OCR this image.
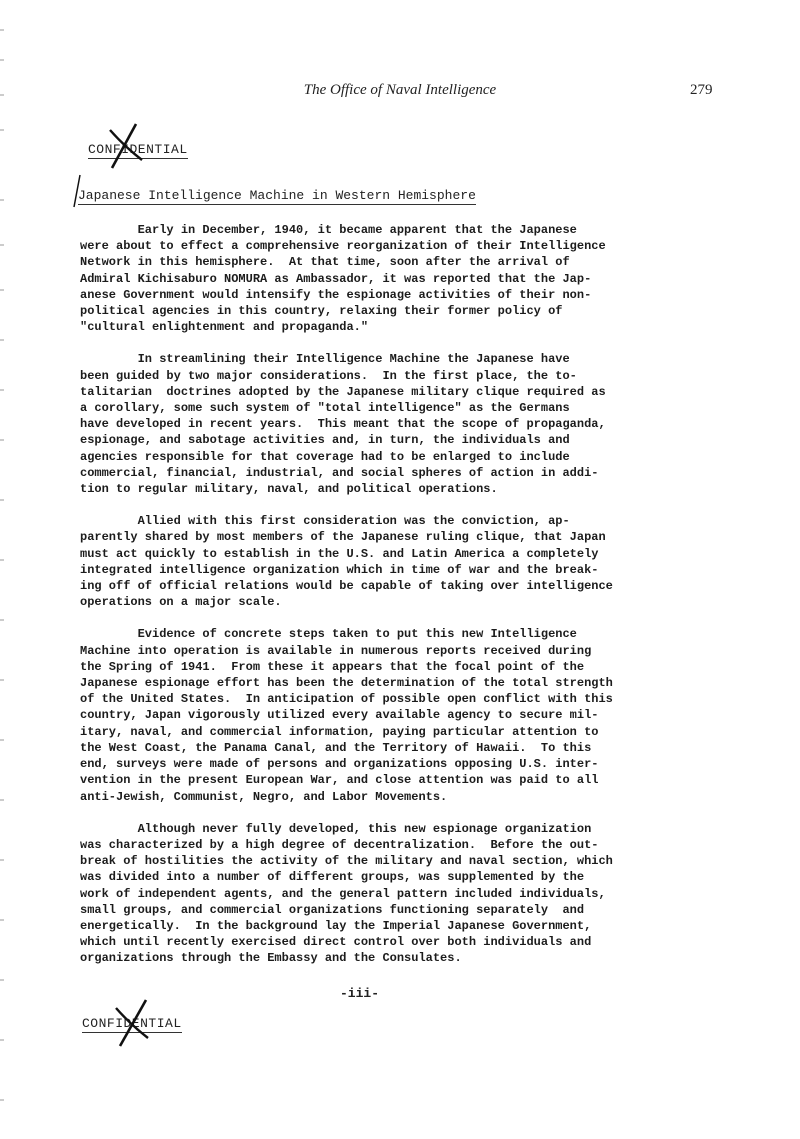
The Office of Naval Intelligence	279
CONFIDENTIAL
Japanese Intelligence Machine in Western Hemisphere

Early in December, 1940, it became apparent that the Japanese
were about to effect a comprehensive reorganization of their Intelligence
Network in this hemisphere.  At that time, soon after the arrival of
Admiral Kichisaburo NOMURA as Ambassador, it was reported that the Jap-
anese Government would intensify the espionage activities of their non-
political agencies in this country, relaxing their former policy of
"cultural enlightenment and propaganda."

In streamlining their Intelligence Machine the Japanese have
been guided by two major considerations.  In the first place, the to-
talitarian  doctrines adopted by the Japanese military clique required as
a corollary, some such system of "total intelligence" as the Germans
have developed in recent years.  This meant that the scope of propaganda,
espionage, and sabotage activities and, in turn, the individuals and
agencies responsible for that coverage had to be enlarged to include
commercial, financial, industrial, and social spheres of action in addi-
tion to regular military, naval, and political operations.

Allied with this first consideration was the conviction, ap-
parently shared by most members of the Japanese ruling clique, that Japan
must act quickly to establish in the U.S. and Latin America a completely
integrated intelligence organization which in time of war and the break-
ing off of official relations would be capable of taking over intelligence
operations on a major scale.

Evidence of concrete steps taken to put this new Intelligence
Machine into operation is available in numerous reports received during
the Spring of 1941.  From these it appears that the focal point of the
Japanese espionage effort has been the determination of the total strength
of the United States.  In anticipation of possible open conflict with this
country, Japan vigorously utilized every available agency to secure mil-
itary, naval, and commercial information, paying particular attention to
the West Coast, the Panama Canal, and the Territory of Hawaii.  To this
end, surveys were made of persons and organizations opposing U.S. inter-
vention in the present European War, and close attention was paid to all
anti-Jewish, Communist, Negro, and Labor Movements.

Although never fully developed, this new espionage organization
was characterized by a high degree of decentralization.  Before the out-
break of hostilities the activity of the military and naval section, which
was divided into a number of different groups, was supplemented by the
work of independent agents, and the general pattern included individuals,
small groups, and commercial organizations functioning separately  and
energetically.  In the background lay the Imperial Japanese Government,
which until recently exercised direct control over both individuals and
organizations through the Embassy and the Consulates.

-iii-
CONFIDENTIAL
